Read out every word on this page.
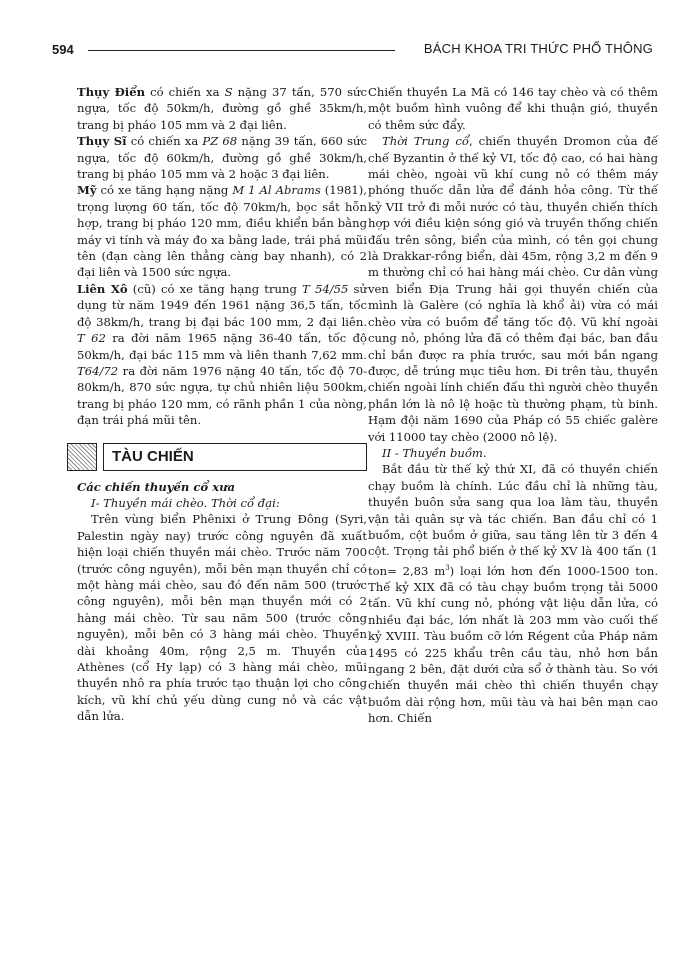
594	BÁCH KHOA TRI THỨC PHỔ THÔNG

Thụy Điển có chiến xa S nặng 37 tấn, 570 sức ngựa, tốc độ 50km/h, đường gồ ghề 35km/h, trang bị pháo 105 mm và 2 đại liên.

Thụy Sĩ có chiến xa PZ 68 nặng 39 tấn, 660 sức ngựa, tốc độ 60km/h, đường gồ ghề 30km/h, trang bị pháo 105 mm và 2 hoặc 3 đại liên.

Mỹ có xe tăng hạng nặng M 1 Al Abrams (1981), trọng lượng 60 tấn, tốc độ 70km/h, bọc sắt hỗn hợp, trang bị pháo 120 mm, điều khiển bắn bằng máy vi tính và máy đo xa bằng lade, trái phá mũi tên (đạn càng lên thẳng càng bay nhanh), có 2 đại liên và 1500 sức ngựa.

Liên Xô (cũ) có xe tăng hạng trung T 54/55 sử dụng từ năm 1949 đến 1961 nặng 36,5 tấn, tốc độ 38km/h, trang bị đại bác 100 mm, 2 đại liên. T 62 ra đời năm 1965 nặng 36-40 tấn, tốc độ 50km/h, đại bác 115 mm và liên thanh 7,62 mm. T64/72 ra đời năm 1976 nặng 40 tấn, tốc độ 70-80km/h, 870 sức ngựa, tự chủ nhiên liệu 500km, trang bị pháo 120 mm, có rãnh phần 1 của nòng, đạn trái phá mũi tên.

TÀU CHIẾN

Các chiến thuyền cổ xưa

I- Thuyền mái chèo. Thời cổ đại:

Trên vùng biển Phênixi ở Trung Đông (Syri, Palestin ngày nay) trước công nguyên đã xuất hiện loại chiến thuyền mái chèo. Trước năm 700 (trước công nguyên), mỗi bên mạn thuyền chỉ có một hàng mái chèo, sau đó đến năm 500 (trước công nguyên), mỗi bên mạn thuyền mới có 2 hàng mái chèo. Từ sau năm 500 (trước công nguyên), mỗi bên có 3 hàng mái chèo. Thuyền dài khoảng 40m, rộng 2,5 m. Thuyền của Athènes (cổ Hy lạp) có 3 hàng mái chèo, mũi thuyền nhô ra phía trước tạo thuận lợi cho công kích, vũ khí chủ yếu dùng cung nỏ và các vật dẫn lửa.

Chiến thuyền La Mã có 146 tay chèo và có thêm một buồm hình vuông để khi thuận gió, thuyền có thêm sức đẩy.

Thời Trung cổ, chiến thuyền Dromon của đế chế Byzantin ở thế kỷ VI, tốc độ cao, có hai hàng mái chèo, ngoài vũ khí cung nỏ có thêm máy phóng thuốc dẫn lửa để đánh hỏa công. Từ thế kỷ VII trở đi mỗi nước có tàu, thuyền chiến thích hợp với điều kiện sóng gió và truyền thống chiến đấu trên sông, biển của mình, có tên gọi chung là Drakkar-rồng biển, dài 45m, rộng 3,2 m đến 9 m thường chỉ có hai hàng mái chèo. Cư dân vùng ven biển Địa Trung hải gọi thuyền chiến của mình là Galère (có nghĩa là khổ ải) vừa có mái chèo vừa có buồm để tăng tốc độ. Vũ khí ngoài cung nỏ, phóng lửa đã có thêm đại bác, ban đầu chỉ bắn được ra phía trước, sau mới bắn ngang được, dễ trúng mục tiêu hơn. Đi trên tàu, thuyền chiến ngoài lính chiến đấu thì người chèo thuyền phần lớn là nô lệ hoặc tù thường phạm, tù binh. Hạm đội năm 1690 của Pháp có 55 chiếc galère với 11000 tay chèo (2000 nô lệ).

II - Thuyền buồm.

Bắt đầu từ thế kỷ thứ XI, đã có thuyền chiến chạy buồm là chính. Lúc đầu chỉ là những tàu, thuyền buôn sửa sang qua loa làm tàu, thuyền vận tải quân sự và tác chiến. Ban đầu chỉ có 1 buồm, cột buồm ở giữa, sau tăng lên từ 3 đến 4 cột. Trọng tải phổ biến ở thế kỷ XV là 400 tấn (1 ton= 2,83 $m^3$) loại lớn hơn đến 1000-1500 ton. Thế kỷ XIX đã có tàu chạy buồm trọng tải 5000 tấn. Vũ khí cung nỏ, phóng vật liệu dẫn lửa, có nhiều đại bác, lớn nhất là 203 mm vào cuối thế kỷ XVIII. Tàu buồm cỡ lớn Régent của Pháp năm 1495 có 225 khẩu trên cầu tàu, nhỏ hơn bắn ngang 2 bên, đặt dưới cửa sổ ở thành tàu. So với chiến thuyền mái chèo thì chiến thuyền chạy buồm dài rộng hơn, mũi tàu và hai bên mạn cao hơn. Chiến
